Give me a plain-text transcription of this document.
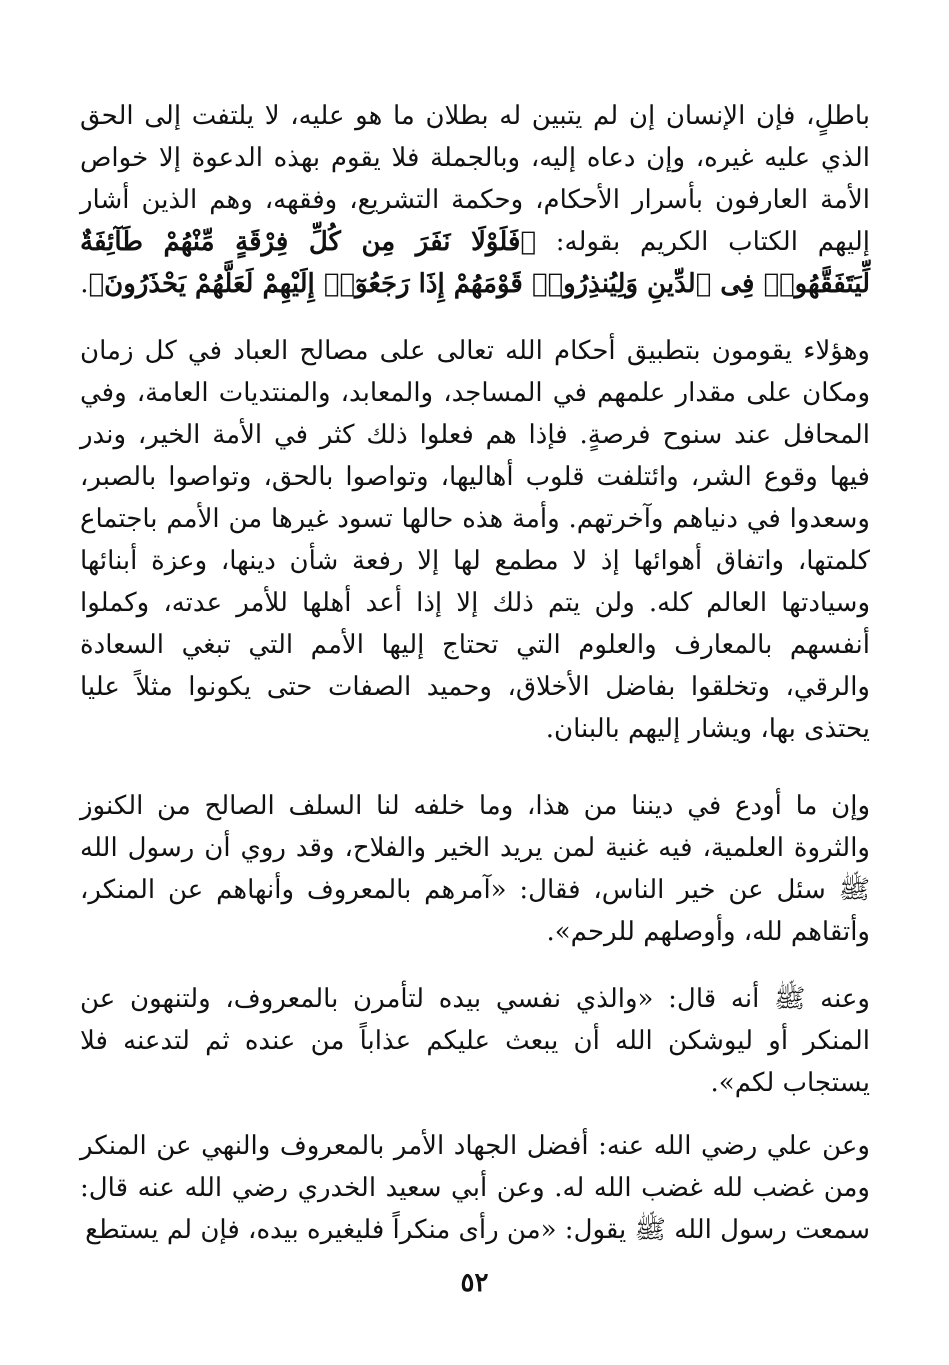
باطلٍ، فإن الإنسان إن لم يتبين له بطلان ما هو عليه، لا يلتفت إلى الحق الذي عليه غيره، وإن دعاه إليه، وبالجملة فلا يقوم بهذه الدعوة إلا خواص الأمة العارفون بأسرار الأحكام، وحكمة التشريع، وفقهه، وهم الذين أشار إليهم الكتاب الكريم بقوله: ﴿فَلَوْلَا نَفَرَ مِن كُلِّ فِرْقَةٍ مِّنْهُمْ طَآئِفَةٌ لِّيَتَفَقَّهُوا۟ فِى ٱلدِّينِ وَلِيُنذِرُوا۟ قَوْمَهُمْ إِذَا رَجَعُوٓا۟ إِلَيْهِمْ لَعَلَّهُمْ يَحْذَرُونَ﴾.

وهؤلاء يقومون بتطبيق أحكام الله تعالى على مصالح العباد في كل زمان ومكان على مقدار علمهم في المساجد، والمعابد، والمنتديات العامة، وفي المحافل عند سنوح فرصةٍ. فإذا هم فعلوا ذلك كثر في الأمة الخير، وندر فيها وقوع الشر، وائتلفت قلوب أهاليها، وتواصوا بالحق، وتواصوا بالصبر، وسعدوا في دنياهم وآخرتهم. وأمة هذه حالها تسود غيرها من الأمم باجتماع كلمتها، واتفاق أهوائها إذ لا مطمع لها إلا رفعة شأن دينها، وعزة أبنائها وسيادتها العالم كله. ولن يتم ذلك إلا إذا أعد أهلها للأمر عدته، وكملوا أنفسهم بالمعارف والعلوم التي تحتاج إليها الأمم التي تبغي السعادة والرقي، وتخلقوا بفاضل الأخلاق، وحميد الصفات حتى يكونوا مثلاً عليا يحتذى بها، ويشار إليهم بالبنان.

وإن ما أودع في ديننا من هذا، وما خلفه لنا السلف الصالح من الكنوز والثروة العلمية، فيه غنية لمن يريد الخير والفلاح، وقد روي أن رسول الله ﷺ سئل عن خير الناس، فقال: «آمرهم بالمعروف وأنهاهم عن المنكر، وأتقاهم لله، وأوصلهم للرحم».

وعنه ﷺ أنه قال: «والذي نفسي بيده لتأمرن بالمعروف، ولتنهون عن المنكر أو ليوشكن الله أن يبعث عليكم عذاباً من عنده ثم لتدعنه فلا يستجاب لكم».

وعن علي رضي الله عنه: أفضل الجهاد الأمر بالمعروف والنهي عن المنكر ومن غضب لله غضب الله له. وعن أبي سعيد الخدري رضي الله عنه قال: سمعت رسول الله ﷺ يقول: «من رأى منكراً فليغيره بيده، فإن لم يستطع

٥٢
